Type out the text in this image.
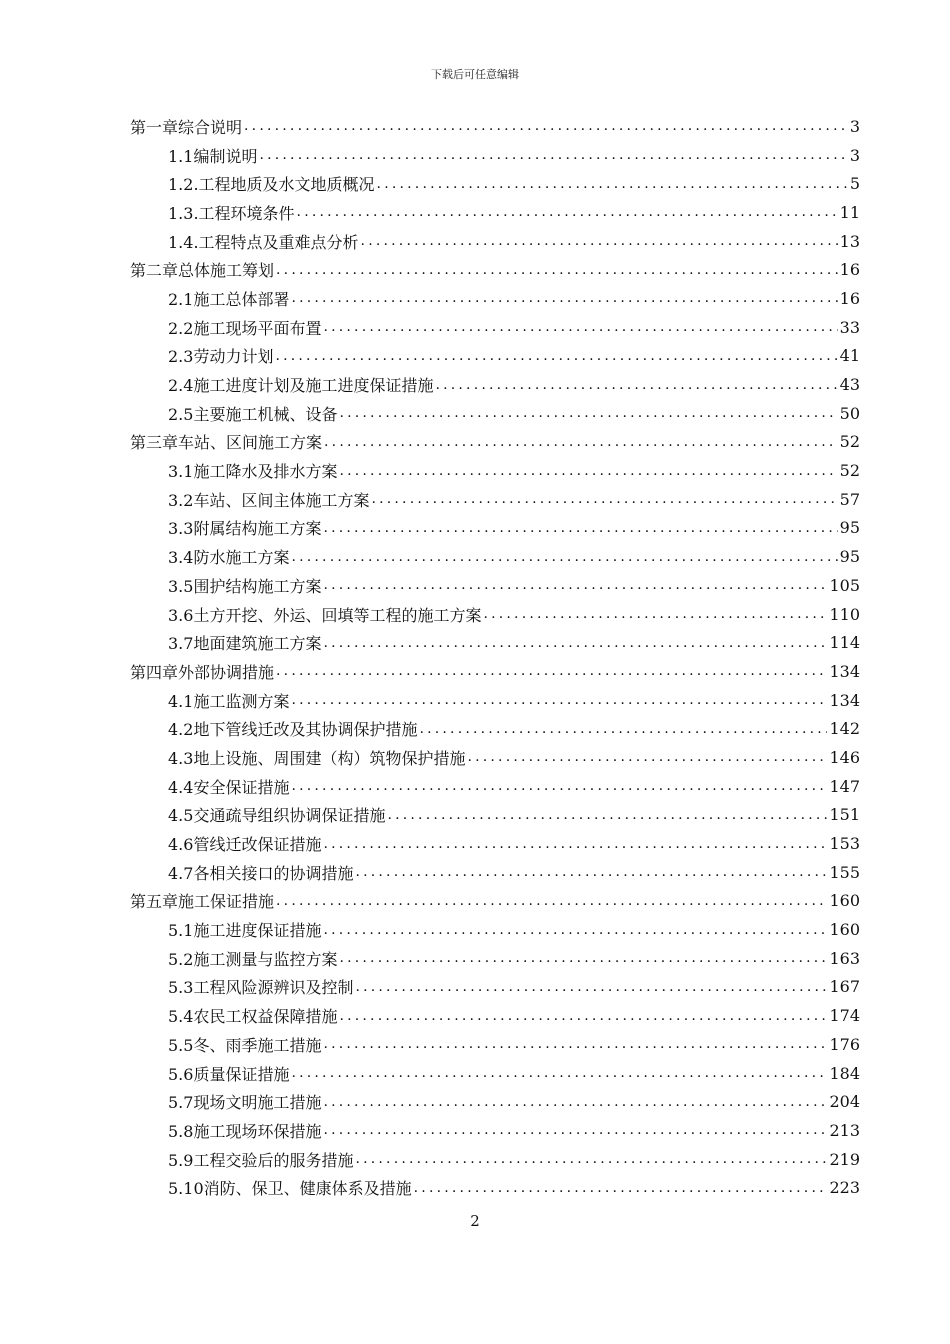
下载后可任意编辑
第一章综合说明 .....	3
1.1编制说明 .....	3
1.2.工程地质及水文地质概况 .....	5
1.3.工程环境条件 .....	11
1.4.工程特点及重难点分析 .....	13
第二章总体施工筹划 .....	16
2.1施工总体部署 .....	16
2.2施工现场平面布置 .....	33
2.3劳动力计划 .....	41
2.4施工进度计划及施工进度保证措施 .....	43
2.5主要施工机械、设备 .....	50
第三章车站、区间施工方案 .....	52
3.1施工降水及排水方案 .....	52
3.2车站、区间主体施工方案 .....	57
3.3附属结构施工方案 .....	95
3.4防水施工方案 .....	95
3.5围护结构施工方案 .....	105
3.6土方开挖、外运、回填等工程的施工方案 .....	110
3.7地面建筑施工方案 .....	114
第四章外部协调措施 .....	134
4.1施工监测方案 .....	134
4.2地下管线迁改及其协调保护措施 .....	142
4.3地上设施、周围建（构）筑物保护措施 .....	146
4.4安全保证措施 .....	147
4.5交通疏导组织协调保证措施 .....	151
4.6管线迁改保证措施 .....	153
4.7各相关接口的协调措施 .....	155
第五章施工保证措施 .....	160
5.1施工进度保证措施 .....	160
5.2施工测量与监控方案 .....	163
5.3工程风险源辨识及控制 .....	167
5.4农民工权益保障措施 .....	174
5.5冬、雨季施工措施 .....	176
5.6质量保证措施 .....	184
5.7现场文明施工措施 .....	204
5.8施工现场环保措施 .....	213
5.9工程交验后的服务措施 .....	219
5.10消防、保卫、健康体系及措施 .....	223
2
